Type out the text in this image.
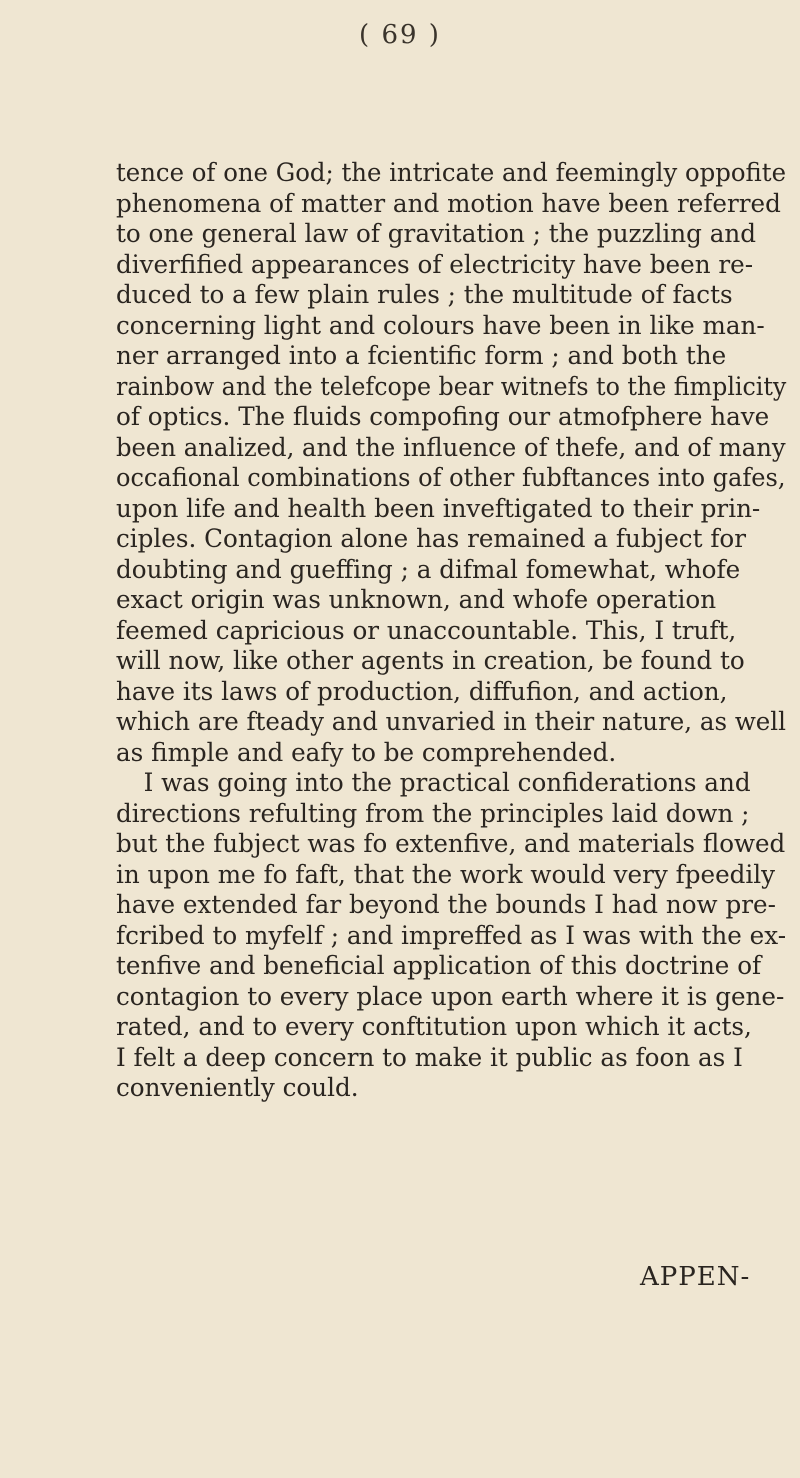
( 69 )
tence of one God; the intricate and feemingly oppofite
phenomena of matter and motion have been referred
to one general law of gravitation ; the puzzling and
diverfified appearances of electricity have been re-
duced to a few plain rules ; the multitude of facts
concerning light and colours have been in like man-
ner arranged into a fcientific form ; and both the
rainbow and the telefcope bear witnefs to the fimplicity
of optics. The fluids compofing our atmofphere have
been analized, and the influence of thefe, and of many
occafional combinations of other fubftances into gafes,
upon life and health been inveftigated to their prin-
ciples. Contagion alone has remained a fubject for
doubting and gueffing ; a difmal fomewhat, whofe
exact origin was unknown, and whofe operation
feemed capricious or unaccountable. This, I truft,
will now, like other agents in creation, be found to
have its laws of production, diffufion, and action,
which are fteady and unvaried in their nature, as well
as fimple and eafy to be comprehended.
I was going into the practical confiderations and
directions refulting from the principles laid down ;
but the fubject was fo extenfive, and materials flowed
in upon me fo faft, that the work would very fpeedily
have extended far beyond the bounds I had now pre-
fcribed to myfelf ; and impreffed as I was with the ex-
tenfive and beneficial application of this doctrine of
contagion to every place upon earth where it is gene-
rated, and to every conftitution upon which it acts,
I felt a deep concern to make it public as foon as I
conveniently could.
APPEN-
